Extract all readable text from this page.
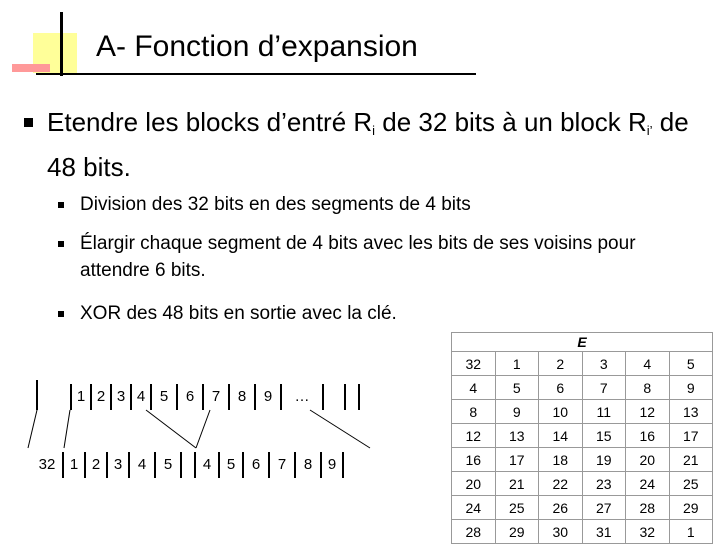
A- Fonction d’expansion
Etendre les blocks d’entré $R_i$ de 32 bits à un block $R_{i’}$ de 48 bits.
Division des 32 bits en des segments de 4 bits
Élargir chaque segment de 4 bits avec les bits de ses voisins pour attendre 6 bits.
XOR des 48 bits en sortie avec la clé.
E					
32	1	2	3	4	5
4	5	6	7	8	9
8	9	10	11	12	13
12	13	14	15	16	17
16	17	18	19	20	21
20	21	22	23	24	25
24	25	26	27	28	29
28	29	30	31	32	1
1 2 3 4 5	6	7	8	9	…
32 1 2 3	4	5	4	5	6	7	8	9
